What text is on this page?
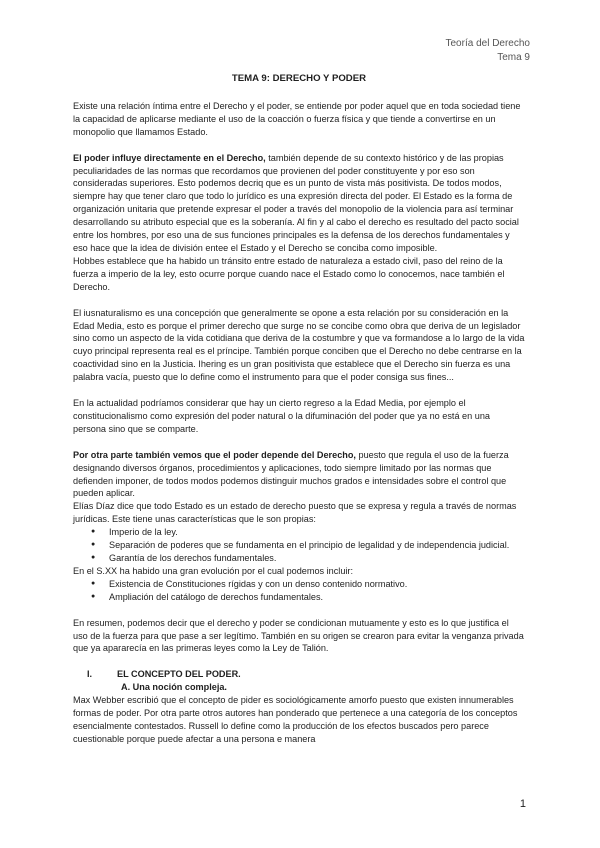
Teoría del Derecho
Tema 9
TEMA 9: DERECHO Y PODER

Existe una relación íntima entre el Derecho y el poder, se entiende por poder aquel que en toda sociedad tiene la capacidad de aplicarse mediante el uso de la coacción o fuerza física y que tiende a convertirse en un monopolio que llamamos Estado.

El poder influye directamente en el Derecho, también depende de su contexto histórico y de las propias peculiaridades de las normas que recordamos que provienen del poder constituyente y por eso son consideradas superiores. Esto podemos decriq que es un punto de vista más positivista. De todos modos, siempre hay que tener claro que todo lo jurídico es una expresión directa del poder. El Estado es la forma de organización unitaria que pretende expresar el poder a través del monopolio de la violencia para así terminar desarrollando su atributo especial que es la soberanía. Al fin y al cabo el derecho es resultado del pacto social entre los hombres, por eso una de sus funciones principales es la defensa de los derechos fundamentales y eso hace que la idea de división entee el Estado y el Derecho se conciba como imposible.

Hobbes establece que ha habido un tránsito entre estado de naturaleza a estado civil, paso del reino de la fuerza a imperio de la ley, esto ocurre porque cuando nace el Estado como lo conocemos, nace también el Derecho.

El iusnaturalismo es una concepción que generalmente se opone a esta relación por su consideración en la Edad Media, esto es porque el primer derecho que surge no se concibe como obra que deriva de un legislador sino como un aspecto de la vida cotidiana que deriva de la costumbre y que va formandose a lo largo de la vida cuyo principal representa real es el príncipe. También porque conciben que el Derecho no debe centrarse en la coactividad sino en la Justicia. Ihering es un gran positivista que establece que el Derecho sin fuerza es una palabra vacía, puesto que lo define como el instrumento para que el poder consiga sus fines...

En la actualidad podríamos considerar que hay un cierto regreso a la Edad Media, por ejemplo el constitucionalismo como expresión del poder natural o la difuminación del poder que ya no está en una persona sino que se comparte.

Por otra parte también vemos que el poder depende del Derecho, puesto que regula el uso de la fuerza designando diversos órganos, procedimientos y aplicaciones, todo siempre limitado por las normas que defienden imponer, de todos modos podemos distinguir muchos grados e intensidades sobre el control que pueden aplicar.

Elías Díaz dice que todo Estado es un estado de derecho puesto que se expresa y regula a través de normas jurídicas. Este tiene unas características que le son propias:

● Imperio de la ley.
● Separación de poderes que se fundamenta en el principio de legalidad y de independencia judicial.
● Garantía de los derechos fundamentales.

En el S.XX ha habido una gran evolución por el cual podemos incluir:

● Existencia de Constituciones rígidas y con un denso contenido normativo.
● Ampliación del catálogo de derechos fundamentales.

En resumen, podemos decir que el derecho y poder se condicionan mutuamente y esto es lo que justifica el uso de la fuerza para que pase a ser legítimo. También en su origen se crearon para evitar la venganza privada que ya apararecía en las primeras leyes como la Ley de Talión.

I.	EL CONCEPTO DEL PODER.
A. Una noción compleja.

Max Webber escribió que el concepto de pider es sociológicamente amorfo puesto que existen innumerables formas de poder. Por otra parte otros autores han ponderado que pertenece a una categoría de los conceptos esencialmente contestados. Russell lo define como la producción de los efectos buscados pero parece cuestionable porque puede afectar a una persona e manera

1
